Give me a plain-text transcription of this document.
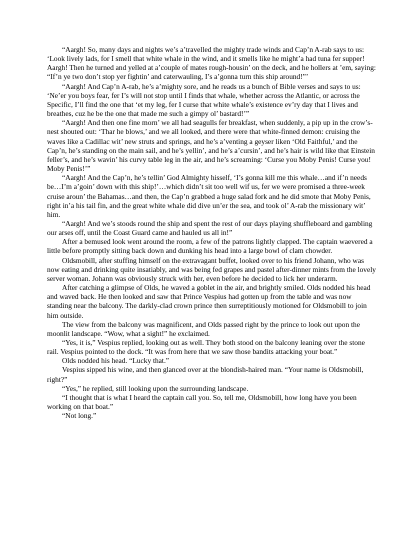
“Aargh! So, many days and nights we’s a’travelled the mighty trade winds and Cap’n A-rab says to us: ‘Look lively lads, for I smell that white whale in the wind, and it smells like he might’a had tuna fer supper! Aargh! Then he turned and yelled at a’couple of mates rough-housin’ on the deck, and he hollers at ’em, saying: “If’n ye two don’t stop yer fightin’ and caterwauling, I’s a’gonna turn this ship around!”’

“Aargh! And Cap’n A-rab, he’s a’mighty sore, and he reads us a bunch of Bible verses and says to us: ‘Ne’er you boys fear, fer I’s will not stop until I finds that whale, whether across the Atlantic, or across the Specific, I’ll find the one that ‘et my leg, fer I curse that white whale’s existence ev’ry day that I lives and breathes, cuz he be the one that made me such a gimpy ol’ bastard!’”

“Aargh! And then one fine morn’ we all had seagulls fer breakfast, when suddenly, a pip up in the crow’s-nest shouted out: ‘Thar he blows,’ and we all looked, and there were that white-finned demon: cruising the waves like a Cadillac wit’ new struts and springs, and he’s a’venting a geyser liken ‘Old Faithful,’ and the Cap’n, he’s standing on the main sail, and he’s yellin’, and he’s a’cursin’, and he’s hair is wild like that Einstein feller’s, and he’s wavin’ his curvy table leg in the air, and he’s screaming: ‘Curse you Moby Penis! Curse you! Moby Penis!’”

“Aargh! And the Cap’n, he’s tellin’ God Almighty hisself, ‘I’s gonna kill me this whale…and if’n needs be…I’m a’goin’ down with this ship!’…which didn’t sit too well wif us, fer we were promised a three-week cruise aroun’ the Bahamas…and then, the Cap’n grabbed a huge salad fork and he did smote that Moby Penis, right in’a his tail fin, and the great white whale did dive un’er the sea, and took ol’ A-rab the missionary wit’ him.

“Aargh! And we’s stoods round the ship and spent the rest of our days playing shuffleboard and gambling our arses off, until the Coast Guard came and hauled us all in!”

After a bemused look went around the room, a few of the patrons lightly clapped. The captain waevered a little before promptly sitting back down and dunking his head into a large bowl of clam chowder.

Oldsmobill, after stuffing himself on the extravagant buffet, looked over to his friend Johann, who was now eating and drinking quite insatiably, and was being fed grapes and pastel after-dinner mints from the lovely server woman. Johann was obviously struck with her, even before he decided to lick her underarm.

After catching a glimpse of Olds, he waved a goblet in the air, and brightly smiled. Olds nodded his head and waved back. He then looked and saw that Prince Vespius had gotten up from the table and was now standing near the balcony. The darkly-clad crown prince then surreptitiously motioned for Oldsmobill to join him outside.

The view from the balcony was magnificent, and Olds passed right by the prince to look out upon the moonlit landscape. “Wow, what a sight!” he exclaimed.

“Yes, it is,” Vespius replied, looking out as well. They both stood on the balcony leaning over the stone rail. Vespius pointed to the dock. “It was from here that we saw those bandits attacking your boat.”

Olds nodded his head. “Lucky that.”

Vespius sipped his wine, and then glanced over at the blondish-haired man. “Your name is Oldsmobill, right?”

“Yes,” he replied, still looking upon the surrounding landscape.

“I thought that is what I heard the captain call you. So, tell me, Oldsmobill, how long have you been working on that boat.”

“Not long.”
